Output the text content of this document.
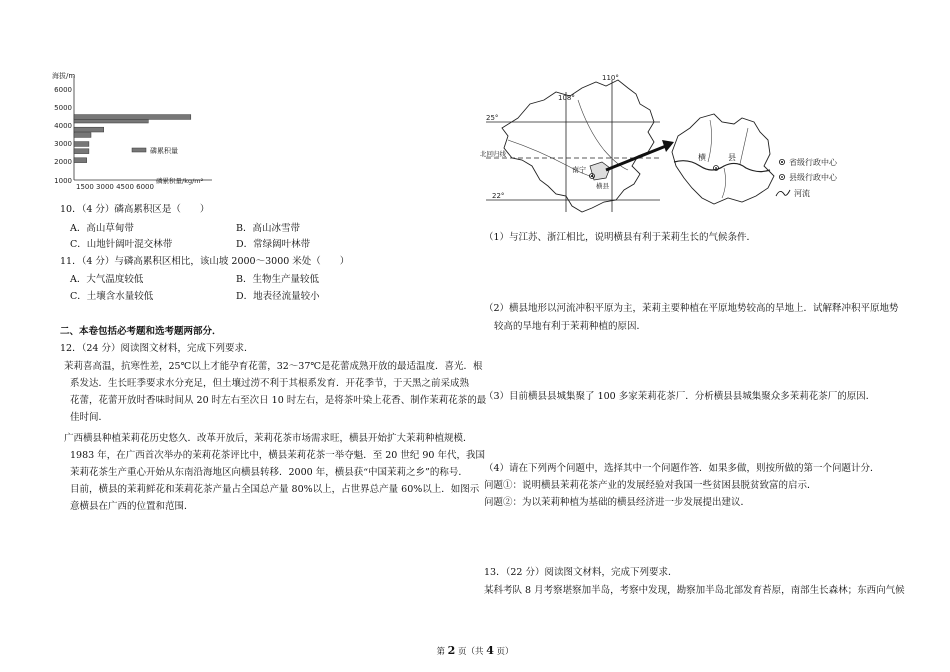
海拔/m
6000
5000
4000
3000
2000
1000
磷累积量
1500 3000 4500 6000
磷累积量/kg/m²
10．（4 分）磷高累积区是（　　）
A．高山草甸带	B．高山冰雪带
C．山地针阔叶混交林带	D．常绿阔叶林带
11．（4 分）与磷高累积区相比，该山坡 2000～3000 米处（　　）
A．大气温度较低	B．生物生产量较低
C．土壤含水量较低	D．地表径流量较小
二、本卷包括必考题和选考题两部分．
12．（24 分）阅读图文材料，完成下列要求．
茉莉喜高温，抗寒性差，25℃以上才能孕育花蕾，32～37℃是花蕾成熟开放的最适温度．喜光．根
系发达．生长旺季要求水分充足，但土壤过涝不利于其根系发育．开花季节，于天黑之前采成熟
花蕾，花蕾开放时香味时间从 20 时左右至次日 10 时左右，是将茶叶染上花香、制作茉莉花茶的最
佳时间．
广西横县种植茉莉花历史悠久．改革开放后，茉莉花茶市场需求旺，横县开始扩大茉莉种植规模．
1983 年，在广西首次举办的茉莉花茶评比中，横县茉莉花茶一举夺魁．至 20 世纪 90 年代，我国
茉莉花茶生产重心开始从东南沿海地区向横县转移．2000 年，横县获“中国茉莉之乡”的称号．
目前，横县的茉莉鲜花和茉莉花茶产量占全国总产量 80%以上，占世界总产量 60%以上．如图示
意横县在广西的位置和范围．
25°
22°
108°
110°
北回归线
南宁
横县
横	县
省级行政中心
县级行政中心
河流
（1）与江苏、浙江相比，说明横县有利于茉莉生长的气候条件．
（2）横县地形以河流冲积平原为主，茉莉主要种植在平原地势较高的旱地上．试解释冲积平原地势
较高的旱地有利于茉莉种植的原因．
（3）目前横县县城集聚了 100 多家茉莉花茶厂．分析横县县城集聚众多茉莉花茶厂的原因．
（4）请在下列两个问题中，选择其中一个问题作答．如果多做，则按所做的第一个问题计分．
问题①：说明横县茉莉花茶产业的发展经验对我国一些贫困县脱贫致富的启示．
问题②：为以茉莉种植为基础的横县经济进一步发展提出建议．
13．（22 分）阅读图文材料，完成下列要求．
某科考队 8 月考察堪察加半岛，考察中发现，勘察加半岛北部发育苔原，南部生长森林；东西向气候
第 2 页（共 4 页）
